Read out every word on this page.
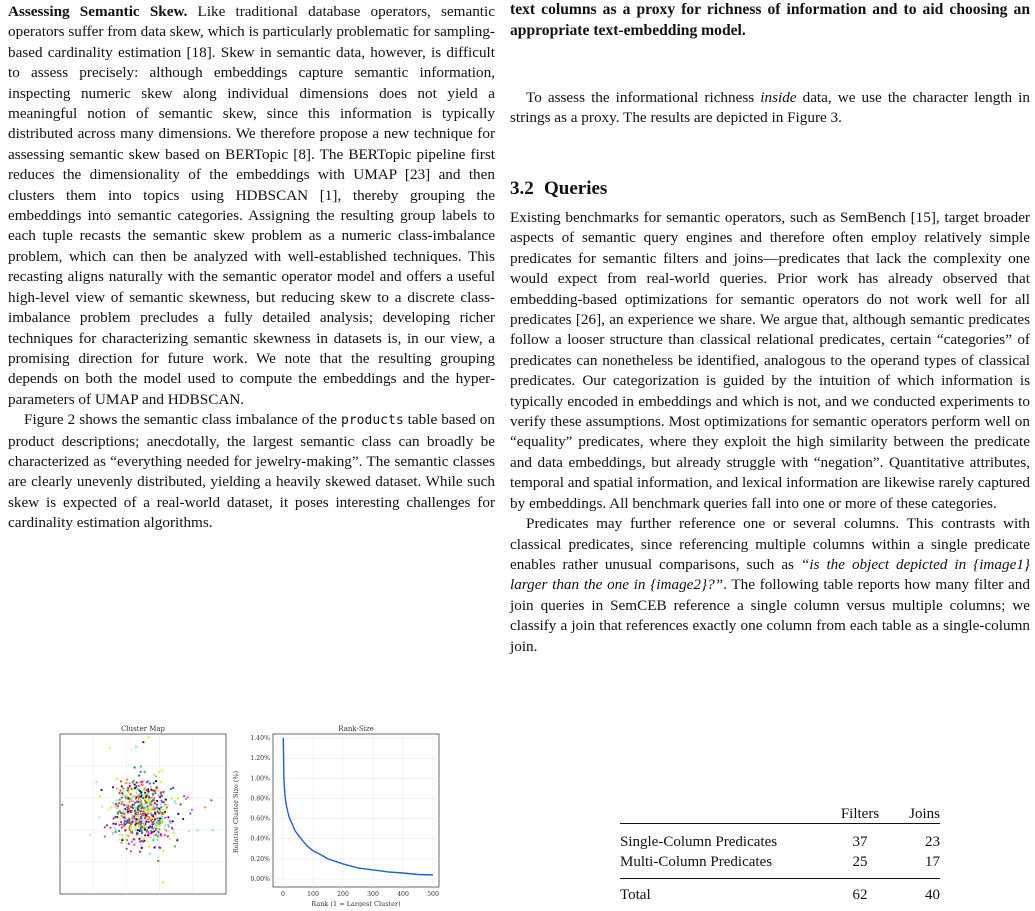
Assessing Semantic Skew. Like traditional database operators, semantic operators suffer from data skew, which is particularly problematic for sampling-based cardinality estimation [18]. Skew in semantic data, however, is difficult to assess precisely: although embeddings capture semantic information, inspecting numeric skew along individual dimensions does not yield a meaningful notion of semantic skew, since this information is typically distributed across many dimensions. We therefore propose a new technique for assessing semantic skew based on BERTopic [8]. The BERTopic pipeline first reduces the dimensionality of the embeddings with UMAP [23] and then clusters them into topics using HDBSCAN [1], thereby grouping the embeddings into semantic categories. Assigning the resulting group labels to each tuple recasts the semantic skew problem as a numeric class-imbalance problem, which can then be analyzed with well-established techniques. This recasting aligns naturally with the semantic operator model and offers a useful high-level view of semantic skewness, but reducing skew to a discrete class-imbalance problem precludes a fully detailed analysis; developing richer techniques for characterizing semantic skewness in datasets is, in our view, a promising direction for future work. We note that the resulting grouping depends on both the model used to compute the embeddings and the hyper-parameters of UMAP and HDBSCAN.

Figure 2 shows the semantic class imbalance of the products table based on product descriptions; anecdotally, the largest semantic class can broadly be characterized as “everything needed for jewelry-making”. The semantic classes are clearly unevenly distributed, yielding a heavily skewed dataset. While such skew is expected of a real-world dataset, it poses interesting challenges for cardinality estimation algorithms.

Cluster Map	Rank-Size
0.00%
0.20%
0.40%
0.60%
0.80%
1.00%
1.20%
1.40%
0	100	200	300	400	500
Relative Cluster Size (%)
Rank (1 = Largest Cluster)

text columns as a proxy for richness of information and to aid choosing an appropriate text-embedding model.

To assess the informational richness inside data, we use the character length in strings as a proxy. The results are depicted in Figure 3.

3.2 Queries

Existing benchmarks for semantic operators, such as SemBench [15], target broader aspects of semantic query engines and therefore often employ relatively simple predicates for semantic filters and joins—predicates that lack the complexity one would expect from real-world queries. Prior work has already observed that embedding-based optimizations for semantic operators do not work well for all predicates [26], an experience we share. We argue that, although semantic predicates follow a looser structure than classical relational predicates, certain “categories” of predicates can nonetheless be identified, analogous to the operand types of classical predicates. Our categorization is guided by the intuition of which information is typically encoded in embeddings and which is not, and we conducted experiments to verify these assumptions. Most optimizations for semantic operators perform well on “equality” predicates, where they exploit the high similarity between the predicate and data embeddings, but already struggle with “negation”. Quantitative attributes, temporal and spatial information, and lexical information are likewise rarely captured by embeddings. All benchmark queries fall into one or more of these categories.

Predicates may further reference one or several columns. This contrasts with classical predicates, since referencing multiple columns within a single predicate enables rather unusual comparisons, such as “is the object depicted in {image1} larger than the one in {image2}?”. The following table reports how many filter and join queries in SemCEB reference a single column versus multiple columns; we classify a join that references exactly one column from each table as a single-column join.

	Filters	Joins

Single-Column Predicates	37	23
Multi-Column Predicates	25	17

Total	62	40
